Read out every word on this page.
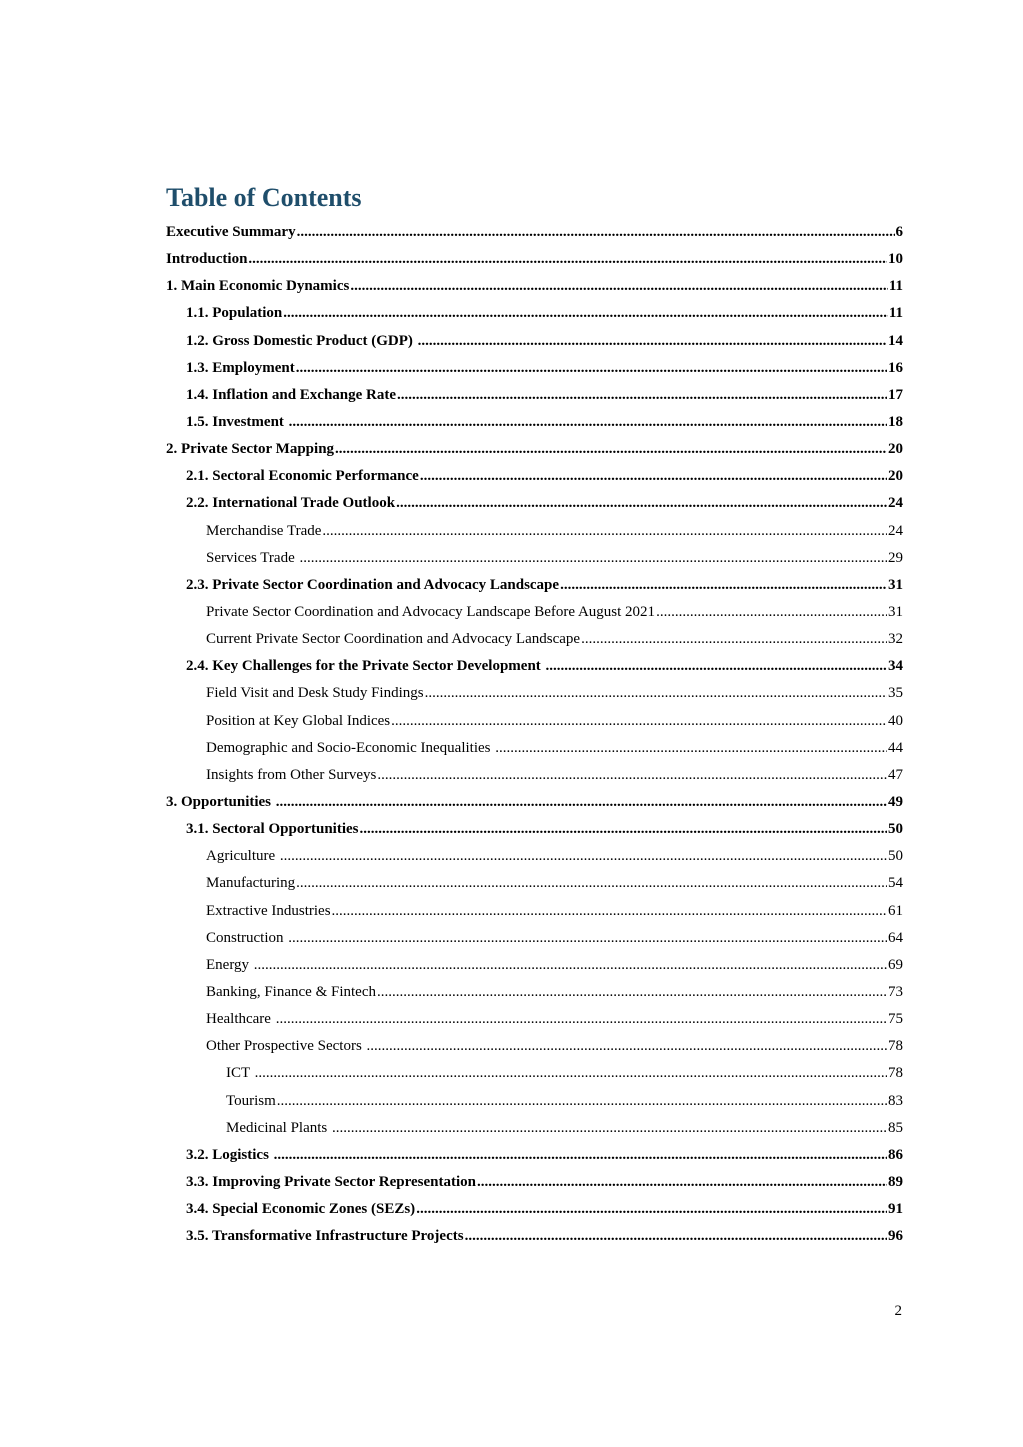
Table of Contents
Executive Summary .....	6
Introduction .....	10
1. Main Economic Dynamics .....	11
1.1. Population .....	11
1.2. Gross Domestic Product (GDP) .....	14
1.3. Employment .....	16
1.4. Inflation and Exchange Rate .....	17
1.5. Investment .....	18
2. Private Sector Mapping .....	20
2.1. Sectoral Economic Performance .....	20
2.2. International Trade Outlook .....	24
Merchandise Trade .....	24
Services Trade .....	29
2.3. Private Sector Coordination and Advocacy Landscape .....	31
Private Sector Coordination and Advocacy Landscape Before August 2021 .....	31
Current Private Sector Coordination and Advocacy Landscape .....	32
2.4. Key Challenges for the Private Sector Development .....	34
Field Visit and Desk Study Findings .....	35
Position at Key Global Indices .....	40
Demographic and Socio-Economic Inequalities .....	44
Insights from Other Surveys .....	47
3. Opportunities .....	49
3.1. Sectoral Opportunities .....	50
Agriculture .....	50
Manufacturing .....	54
Extractive Industries .....	61
Construction .....	64
Energy .....	69
Banking, Finance & Fintech .....	73
Healthcare .....	75
Other Prospective Sectors .....	78
ICT .....	78
Tourism .....	83
Medicinal Plants .....	85
3.2. Logistics .....	86
3.3. Improving Private Sector Representation .....	89
3.4. Special Economic Zones (SEZs) .....	91
3.5. Transformative Infrastructure Projects .....	96
2
